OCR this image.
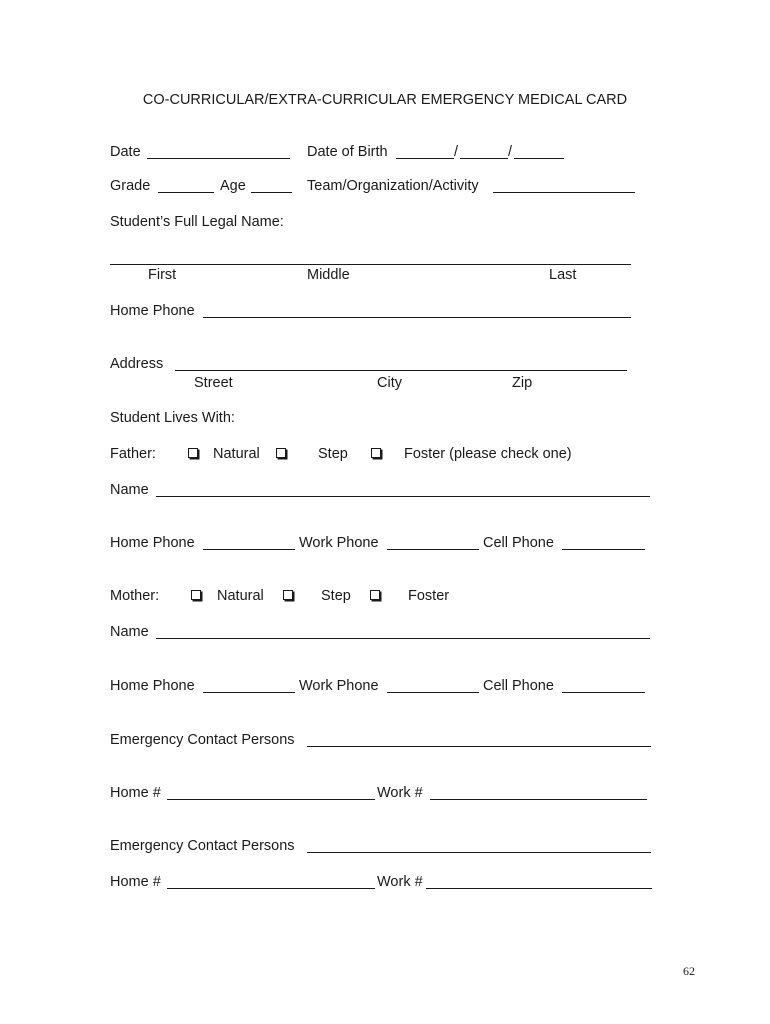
CO-CURRICULAR/EXTRA-CURRICULAR EMERGENCY MEDICAL CARD
Date	Date of Birth	/	/
Grade	Age	Team/Organization/Activity
Student’s Full Legal Name:
First	Middle	Last
Home Phone
Address
Street	City	Zip
Student Lives With:
Father:	Natural	Step	Foster (please check one)
Name
Home Phone	Work Phone	Cell Phone
Mother:	Natural	Step	Foster
Name
Home Phone	Work Phone	Cell Phone
Emergency Contact Persons
Home #	Work #
Emergency Contact Persons
Home #	Work #
62
